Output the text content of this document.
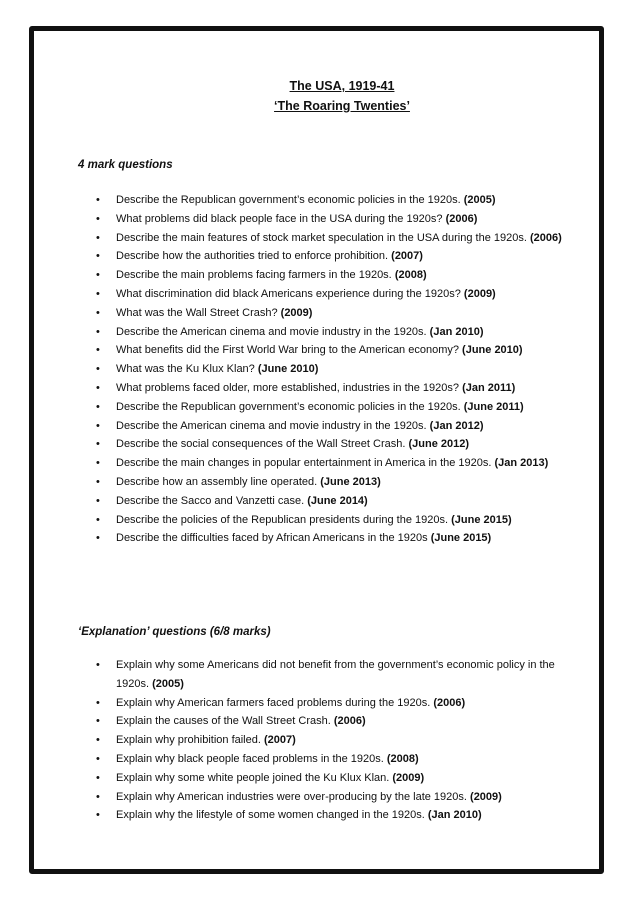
The USA, 1919-41

‘The Roaring Twenties’

4 mark questions

• Describe the Republican government’s economic policies in the 1920s. (2005)
• What problems did black people face in the USA during the 1920s? (2006)
• Describe the main features of stock market speculation in the USA during the 1920s. (2006)
• Describe how the authorities tried to enforce prohibition. (2007)
• Describe the main problems facing farmers in the 1920s. (2008)
• What discrimination did black Americans experience during the 1920s? (2009)
• What was the Wall Street Crash? (2009)
• Describe the American cinema and movie industry in the 1920s. (Jan 2010)
• What benefits did the First World War bring to the American economy? (June 2010)
• What was the Ku Klux Klan? (June 2010)
• What problems faced older, more established, industries in the 1920s? (Jan 2011)
• Describe the Republican government’s economic policies in the 1920s. (June 2011)
• Describe the American cinema and movie industry in the 1920s. (Jan 2012)
• Describe the social consequences of the Wall Street Crash. (June 2012)
• Describe the main changes in popular entertainment in America in the 1920s. (Jan 2013)
• Describe how an assembly line operated. (June 2013)
• Describe the Sacco and Vanzetti case. (June 2014)
• Describe the policies of the Republican presidents during the 1920s. (June 2015)
• Describe the difficulties faced by African Americans in the 1920s (June 2015)

‘Explanation’ questions (6/8 marks)

• Explain why some Americans did not benefit from the government’s economic policy in the 1920s. (2005)
• Explain why American farmers faced problems during the 1920s. (2006)
• Explain the causes of the Wall Street Crash. (2006)
• Explain why prohibition failed. (2007)
• Explain why black people faced problems in the 1920s. (2008)
• Explain why some white people joined the Ku Klux Klan. (2009)
• Explain why American industries were over-producing by the late 1920s. (2009)
• Explain why the lifestyle of some women changed in the 1920s. (Jan 2010)
